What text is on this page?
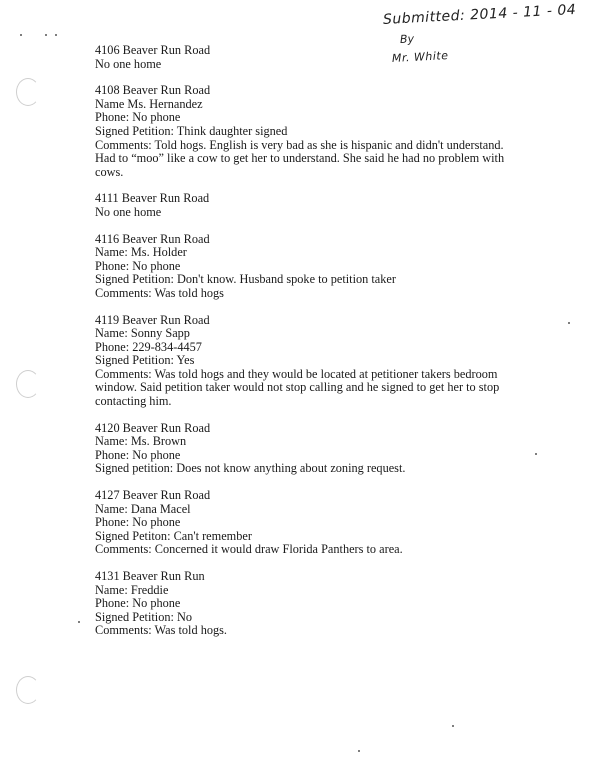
Submitted: 2014 - 11 - 04
By
Mr. White
4106 Beaver Run Road
No one home
4108 Beaver Run Road
Name Ms. Hernandez
Phone: No phone
Signed Petition: Think daughter signed
Comments: Told hogs. English is very bad as she is hispanic and didn't understand.
Had to “moo” like a cow to get her to understand. She said he had no problem with
cows.
4111 Beaver Run Road
No one home
4116 Beaver Run Road
Name: Ms. Holder
Phone: No phone
Signed Petition: Don't know. Husband spoke to petition taker
Comments: Was told hogs
4119 Beaver Run Road
Name: Sonny Sapp
Phone: 229-834-4457
Signed Petition: Yes
Comments: Was told hogs and they would be located at petitioner takers bedroom
window. Said petition taker would not stop calling and he signed to get her to stop
contacting him.
4120 Beaver Run Road
Name: Ms. Brown
Phone: No phone
Signed petition: Does not know anything about zoning request.
4127 Beaver Run Road
Name: Dana Macel
Phone: No phone
Signed Petiton: Can't remember
Comments: Concerned it would draw Florida Panthers to area.
4131 Beaver Run Run
Name: Freddie
Phone: No phone
Signed Petition: No
Comments: Was told hogs.
